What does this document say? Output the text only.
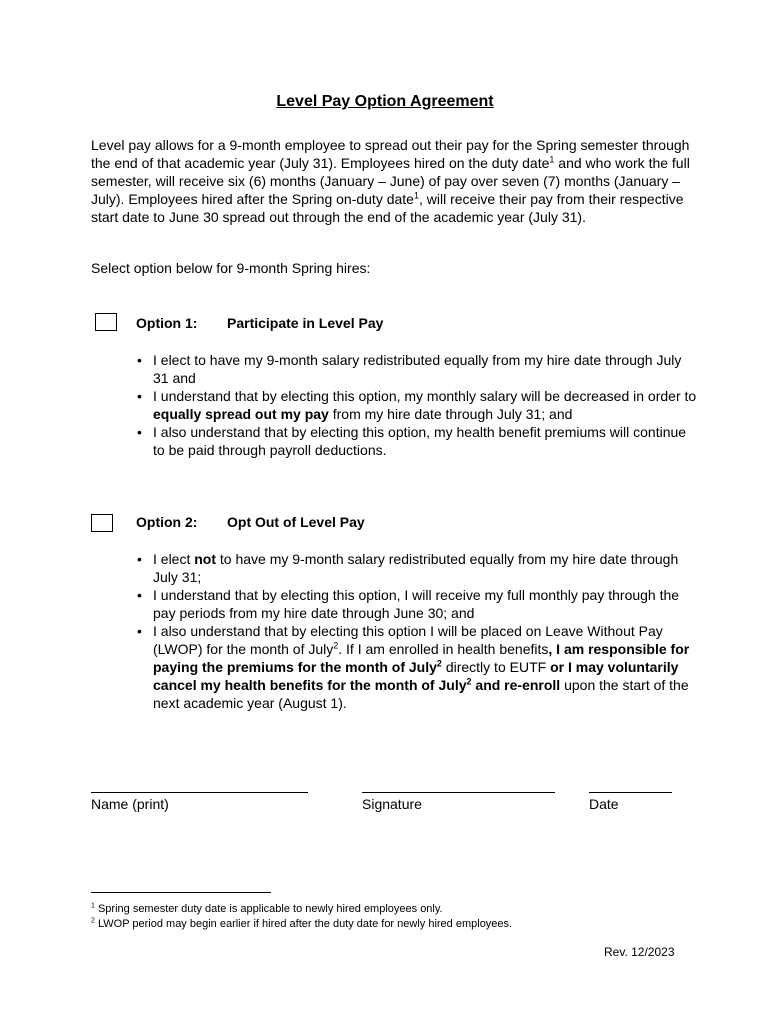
Level Pay Option Agreement
Level pay allows for a 9-month employee to spread out their pay for the Spring semester through the end of that academic year (July 31). Employees hired on the duty date$^1$ and who work the full semester, will receive six (6) months (January – June) of pay over seven (7) months (January – July). Employees hired after the Spring on-duty date$^1$, will receive their pay from their respective start date to June 30 spread out through the end of the academic year (July 31).
Select option below for 9-month Spring hires:
Option 1: Participate in Level Pay
• I elect to have my 9-month salary redistributed equally from my hire date through July 31 and
• I understand that by electing this option, my monthly salary will be decreased in order to equally spread out my pay from my hire date through July 31; and
• I also understand that by electing this option, my health benefit premiums will continue to be paid through payroll deductions.
Option 2: Opt Out of Level Pay
• I elect not to have my 9-month salary redistributed equally from my hire date through July 31;
• I understand that by electing this option, I will receive my full monthly pay through the pay periods from my hire date through June 30; and
• I also understand that by electing this option I will be placed on Leave Without Pay (LWOP) for the month of July$^2$. If I am enrolled in health benefits, I am responsible for paying the premiums for the month of July$^2$ directly to EUTF or I may voluntarily cancel my health benefits for the month of July$^2$ and re-enroll upon the start of the next academic year (August 1).
Name (print)	Signature	Date
$^1$ Spring semester duty date is applicable to newly hired employees only.
$^2$ LWOP period may begin earlier if hired after the duty date for newly hired employees.
Rev. 12/2023
